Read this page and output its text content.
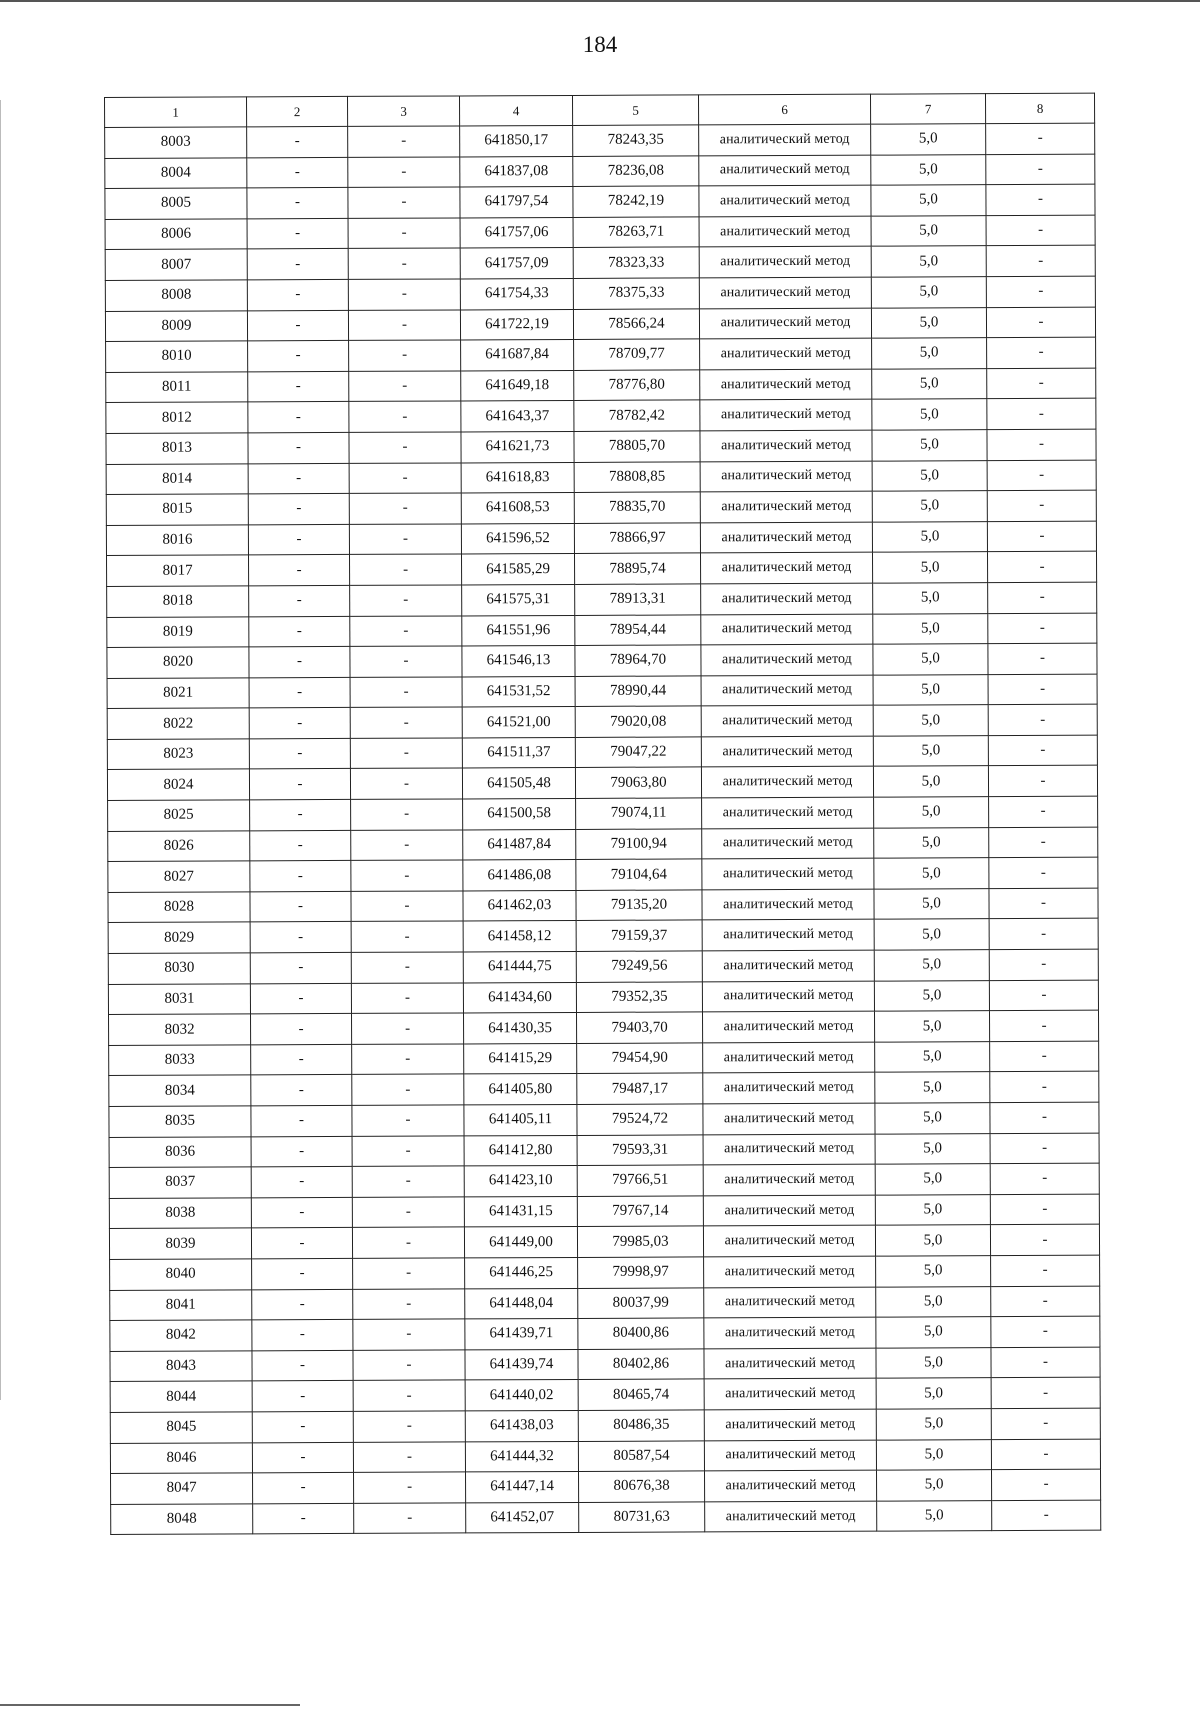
184
1	2	3	4	5	6	7	8
8003	-	-	641850,17	78243,35	аналитический метод	5,0	-
8004	-	-	641837,08	78236,08	аналитический метод	5,0	-
8005	-	-	641797,54	78242,19	аналитический метод	5,0	-
8006	-	-	641757,06	78263,71	аналитический метод	5,0	-
8007	-	-	641757,09	78323,33	аналитический метод	5,0	-
8008	-	-	641754,33	78375,33	аналитический метод	5,0	-
8009	-	-	641722,19	78566,24	аналитический метод	5,0	-
8010	-	-	641687,84	78709,77	аналитический метод	5,0	-
8011	-	-	641649,18	78776,80	аналитический метод	5,0	-
8012	-	-	641643,37	78782,42	аналитический метод	5,0	-
8013	-	-	641621,73	78805,70	аналитический метод	5,0	-
8014	-	-	641618,83	78808,85	аналитический метод	5,0	-
8015	-	-	641608,53	78835,70	аналитический метод	5,0	-
8016	-	-	641596,52	78866,97	аналитический метод	5,0	-
8017	-	-	641585,29	78895,74	аналитический метод	5,0	-
8018	-	-	641575,31	78913,31	аналитический метод	5,0	-
8019	-	-	641551,96	78954,44	аналитический метод	5,0	-
8020	-	-	641546,13	78964,70	аналитический метод	5,0	-
8021	-	-	641531,52	78990,44	аналитический метод	5,0	-
8022	-	-	641521,00	79020,08	аналитический метод	5,0	-
8023	-	-	641511,37	79047,22	аналитический метод	5,0	-
8024	-	-	641505,48	79063,80	аналитический метод	5,0	-
8025	-	-	641500,58	79074,11	аналитический метод	5,0	-
8026	-	-	641487,84	79100,94	аналитический метод	5,0	-
8027	-	-	641486,08	79104,64	аналитический метод	5,0	-
8028	-	-	641462,03	79135,20	аналитический метод	5,0	-
8029	-	-	641458,12	79159,37	аналитический метод	5,0	-
8030	-	-	641444,75	79249,56	аналитический метод	5,0	-
8031	-	-	641434,60	79352,35	аналитический метод	5,0	-
8032	-	-	641430,35	79403,70	аналитический метод	5,0	-
8033	-	-	641415,29	79454,90	аналитический метод	5,0	-
8034	-	-	641405,80	79487,17	аналитический метод	5,0	-
8035	-	-	641405,11	79524,72	аналитический метод	5,0	-
8036	-	-	641412,80	79593,31	аналитический метод	5,0	-
8037	-	-	641423,10	79766,51	аналитический метод	5,0	-
8038	-	-	641431,15	79767,14	аналитический метод	5,0	-
8039	-	-	641449,00	79985,03	аналитический метод	5,0	-
8040	-	-	641446,25	79998,97	аналитический метод	5,0	-
8041	-	-	641448,04	80037,99	аналитический метод	5,0	-
8042	-	-	641439,71	80400,86	аналитический метод	5,0	-
8043	-	-	641439,74	80402,86	аналитический метод	5,0	-
8044	-	-	641440,02	80465,74	аналитический метод	5,0	-
8045	-	-	641438,03	80486,35	аналитический метод	5,0	-
8046	-	-	641444,32	80587,54	аналитический метод	5,0	-
8047	-	-	641447,14	80676,38	аналитический метод	5,0	-
8048	-	-	641452,07	80731,63	аналитический метод	5,0	-
